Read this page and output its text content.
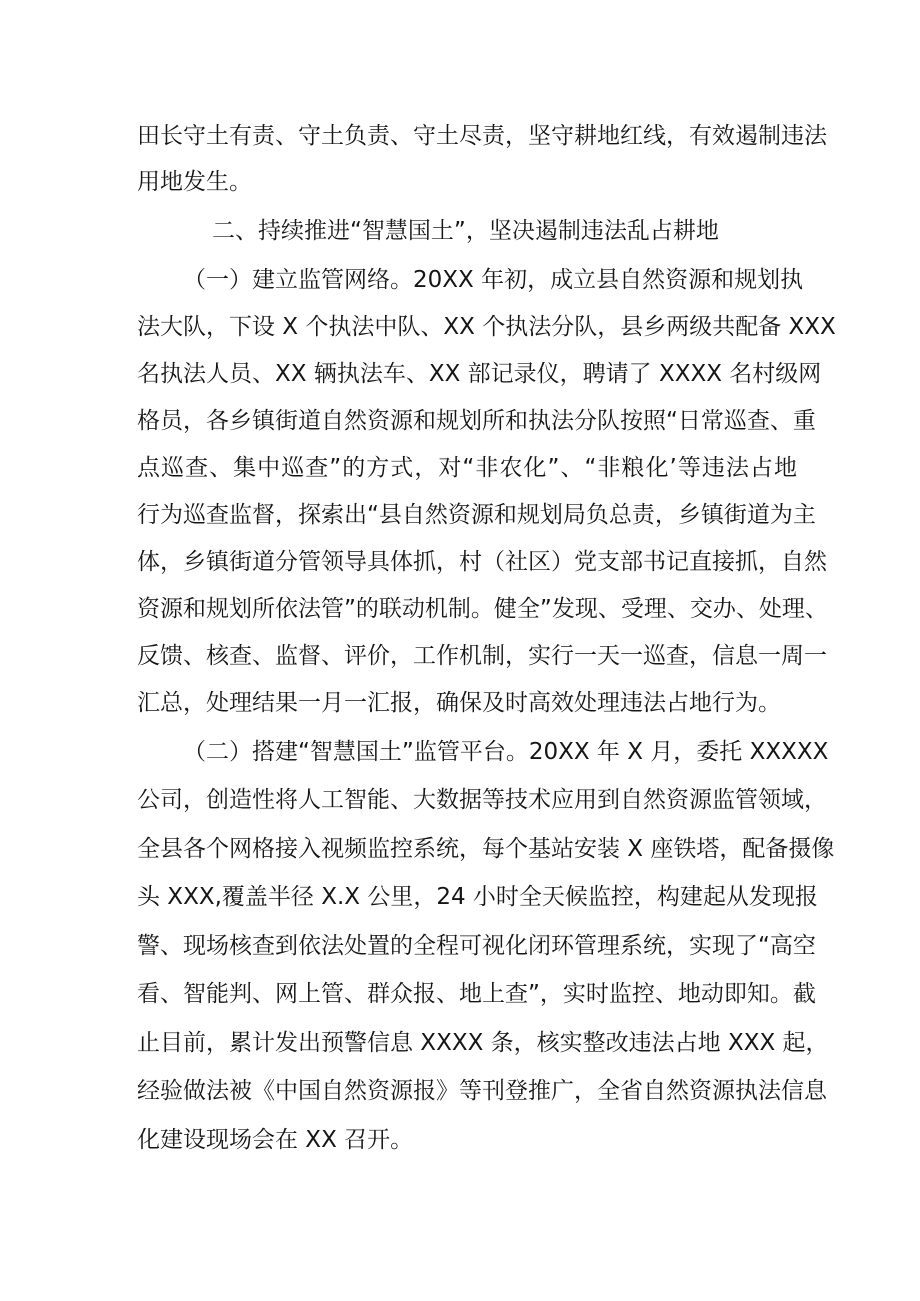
田长守土有责、守土负责、守土尽责，坚守耕地红线，有效遏制违法
用地发生。
二、持续推进“智慧国土”，坚决遏制违法乱占耕地
（一）建立监管网络。20XX 年初，成立县自然资源和规划执
法大队，下设 X 个执法中队、XX 个执法分队，县乡两级共配备 XXX
名执法人员、XX 辆执法车、XX 部记录仪，聘请了 XXXX 名村级网
格员，各乡镇街道自然资源和规划所和执法分队按照“日常巡查、重
点巡查、集中巡查”的方式，对“非农化”、“非粮化’等违法占地
行为巡查监督，探索出“县自然资源和规划局负总责，乡镇街道为主
体，乡镇街道分管领导具体抓，村（社区）党支部书记直接抓，自然
资源和规划所依法管”的联动机制。健全”发现、受理、交办、处理、
反馈、核查、监督、评价，工作机制，实行一天一巡查，信息一周一
汇总，处理结果一月一汇报，确保及时高效处理违法占地行为。
（二）搭建“智慧国土”监管平台。20XX 年 X 月，委托 XXXXX
公司，创造性将人工智能、大数据等技术应用到自然资源监管领域，
全县各个网格接入视频监控系统，每个基站安装 X 座铁塔，配备摄像
头 XXX,覆盖半径 X.X 公里，24 小时全天候监控，构建起从发现报
警、现场核查到依法处置的全程可视化闭环管理系统，实现了“高空
看、智能判、网上管、群众报、地上查”，实时监控、地动即知。截
止目前，累计发出预警信息 XXXX 条，核实整改违法占地 XXX 起，
经验做法被《中国自然资源报》等刊登推广，全省自然资源执法信息
化建设现场会在 XX 召开。
